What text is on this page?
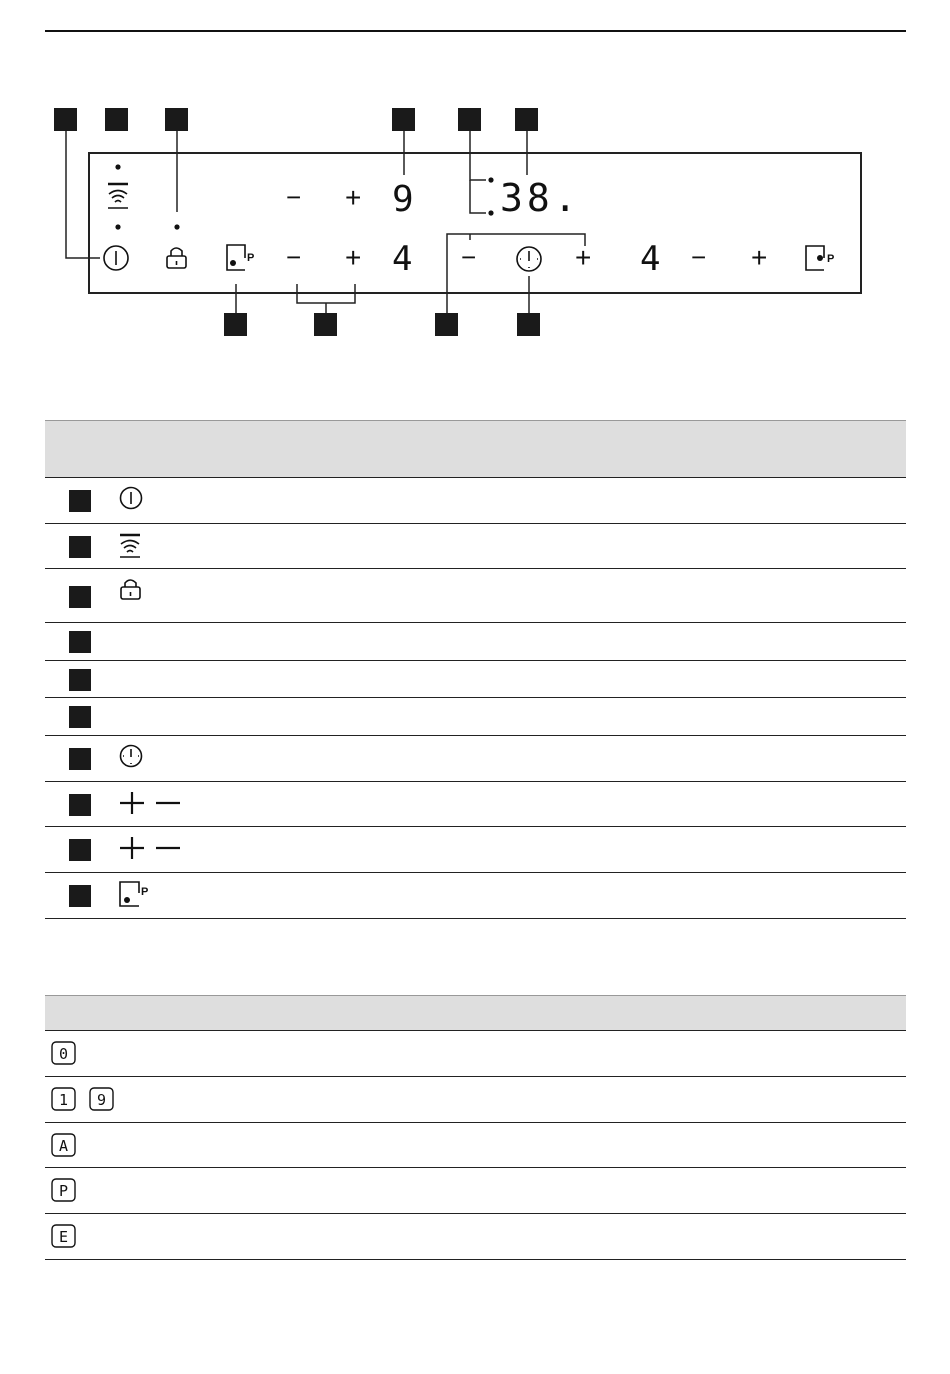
P
− + 9
− + 4
38.
−	+ 4 − +	P
P
0
1 9
A
P
E
